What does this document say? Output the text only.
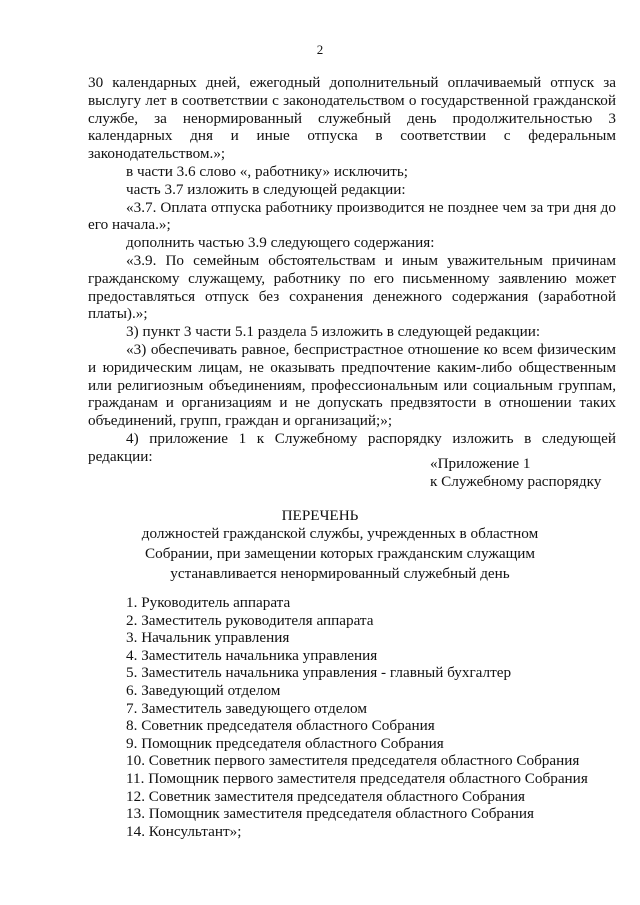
2

30 календарных дней, ежегодный дополнительный оплачиваемый отпуск за выслугу лет в соответствии с законодательством о государственной гражданской службе, за ненормированный служебный день продолжительностью 3 календарных дня и иные отпуска в соответствии с федеральным законодательством.»;

в части 3.6 слово «, работнику» исключить;

часть 3.7 изложить в следующей редакции:

«3.7. Оплата отпуска работнику производится не позднее чем за три дня до его начала.»;

дополнить частью 3.9 следующего содержания:

«3.9. По семейным обстоятельствам и иным уважительным причинам гражданскому служащему, работнику по его письменному заявлению может предоставляться отпуск без сохранения денежного содержания (заработной платы).»;

3) пункт 3 части 5.1 раздела 5 изложить в следующей редакции:

«3) обеспечивать равное, беспристрастное отношение ко всем физическим и юридическим лицам, не оказывать предпочтение каким-либо общественным или религиозным объединениям, профессиональным или социальным группам, гражданам и организациям и не допускать предвзятости в отношении таких объединений, групп, граждан и организаций;»;

4) приложение 1 к Служебному распорядку изложить в следующей редакции:	«Приложение 1
к Служебному распорядку
ПЕРЕЧЕНЬ
должностей гражданской службы, учрежденных в областном
Собрании, при замещении которых гражданским служащим
устанавливается ненормированный служебный день
1. Руководитель аппарата
2. Заместитель руководителя аппарата
3. Начальник управления
4. Заместитель начальника управления
5. Заместитель начальника управления - главный бухгалтер
6. Заведующий отделом
7. Заместитель заведующего отделом
8. Советник председателя областного Собрания
9. Помощник председателя областного Собрания
10. Советник первого заместителя председателя областного Собрания
11. Помощник первого заместителя председателя областного Собрания
12. Советник заместителя председателя областного Собрания
13. Помощник заместителя председателя областного Собрания
14. Консультант»;
